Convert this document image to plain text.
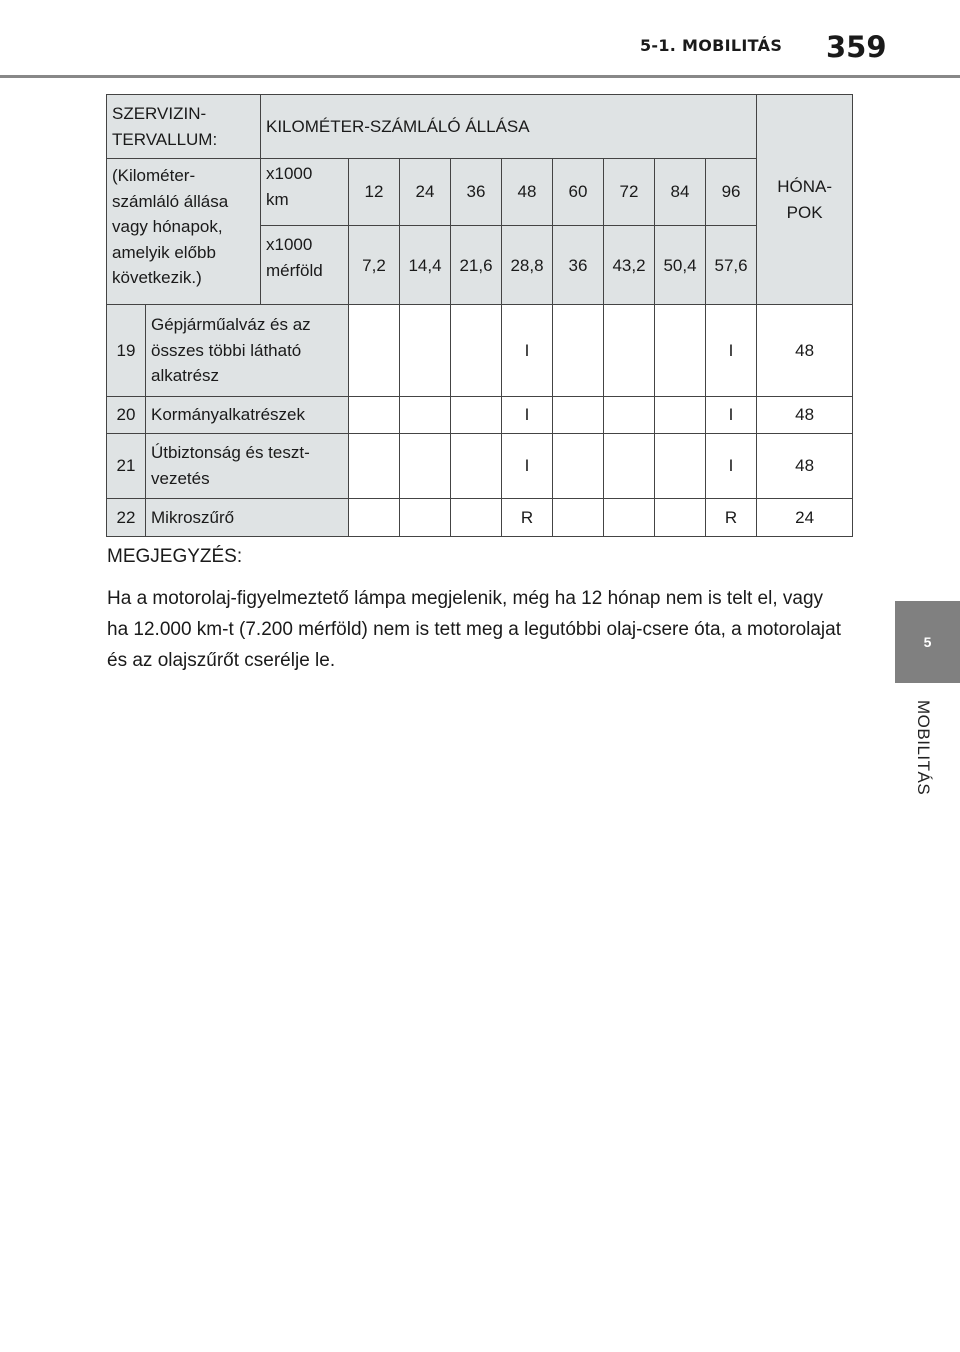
5-1. MOBILITÁS 359
5
MOBILITÁS
SZERVIZIN-
TERVALLUM:		KILOMÉTER-SZÁMLÁLÓ ÁLLÁSA									HÓNA-
POK
(Kilométer-
számláló állása
vagy hónapok,
amelyik előbb
következik.)		x1000
km	12	24	36	48	60	72	84	96	
		x1000
mérföld	7,2	14,4	21,6	28,8	36	43,2	50,4	57,6	
19	Gépjárműalváz és az
összes többi látható
alkatrész					I				I	48
20	Kormányalkatrészek					I				I	48
21	Útbiztonság és teszt-
vezetés					I				I	48
22	Mikroszűrő					R				R	24
MEGJEGYZÉS:
Ha a motorolaj-figyelmeztető lámpa megjelenik, még ha 12 hónap nem is telt el, vagy ha 12.000 km-t (7.200 mérföld) nem is tett meg a legutóbbi olaj-csere óta, a motorolajat és az olajszűrőt cserélje le.
